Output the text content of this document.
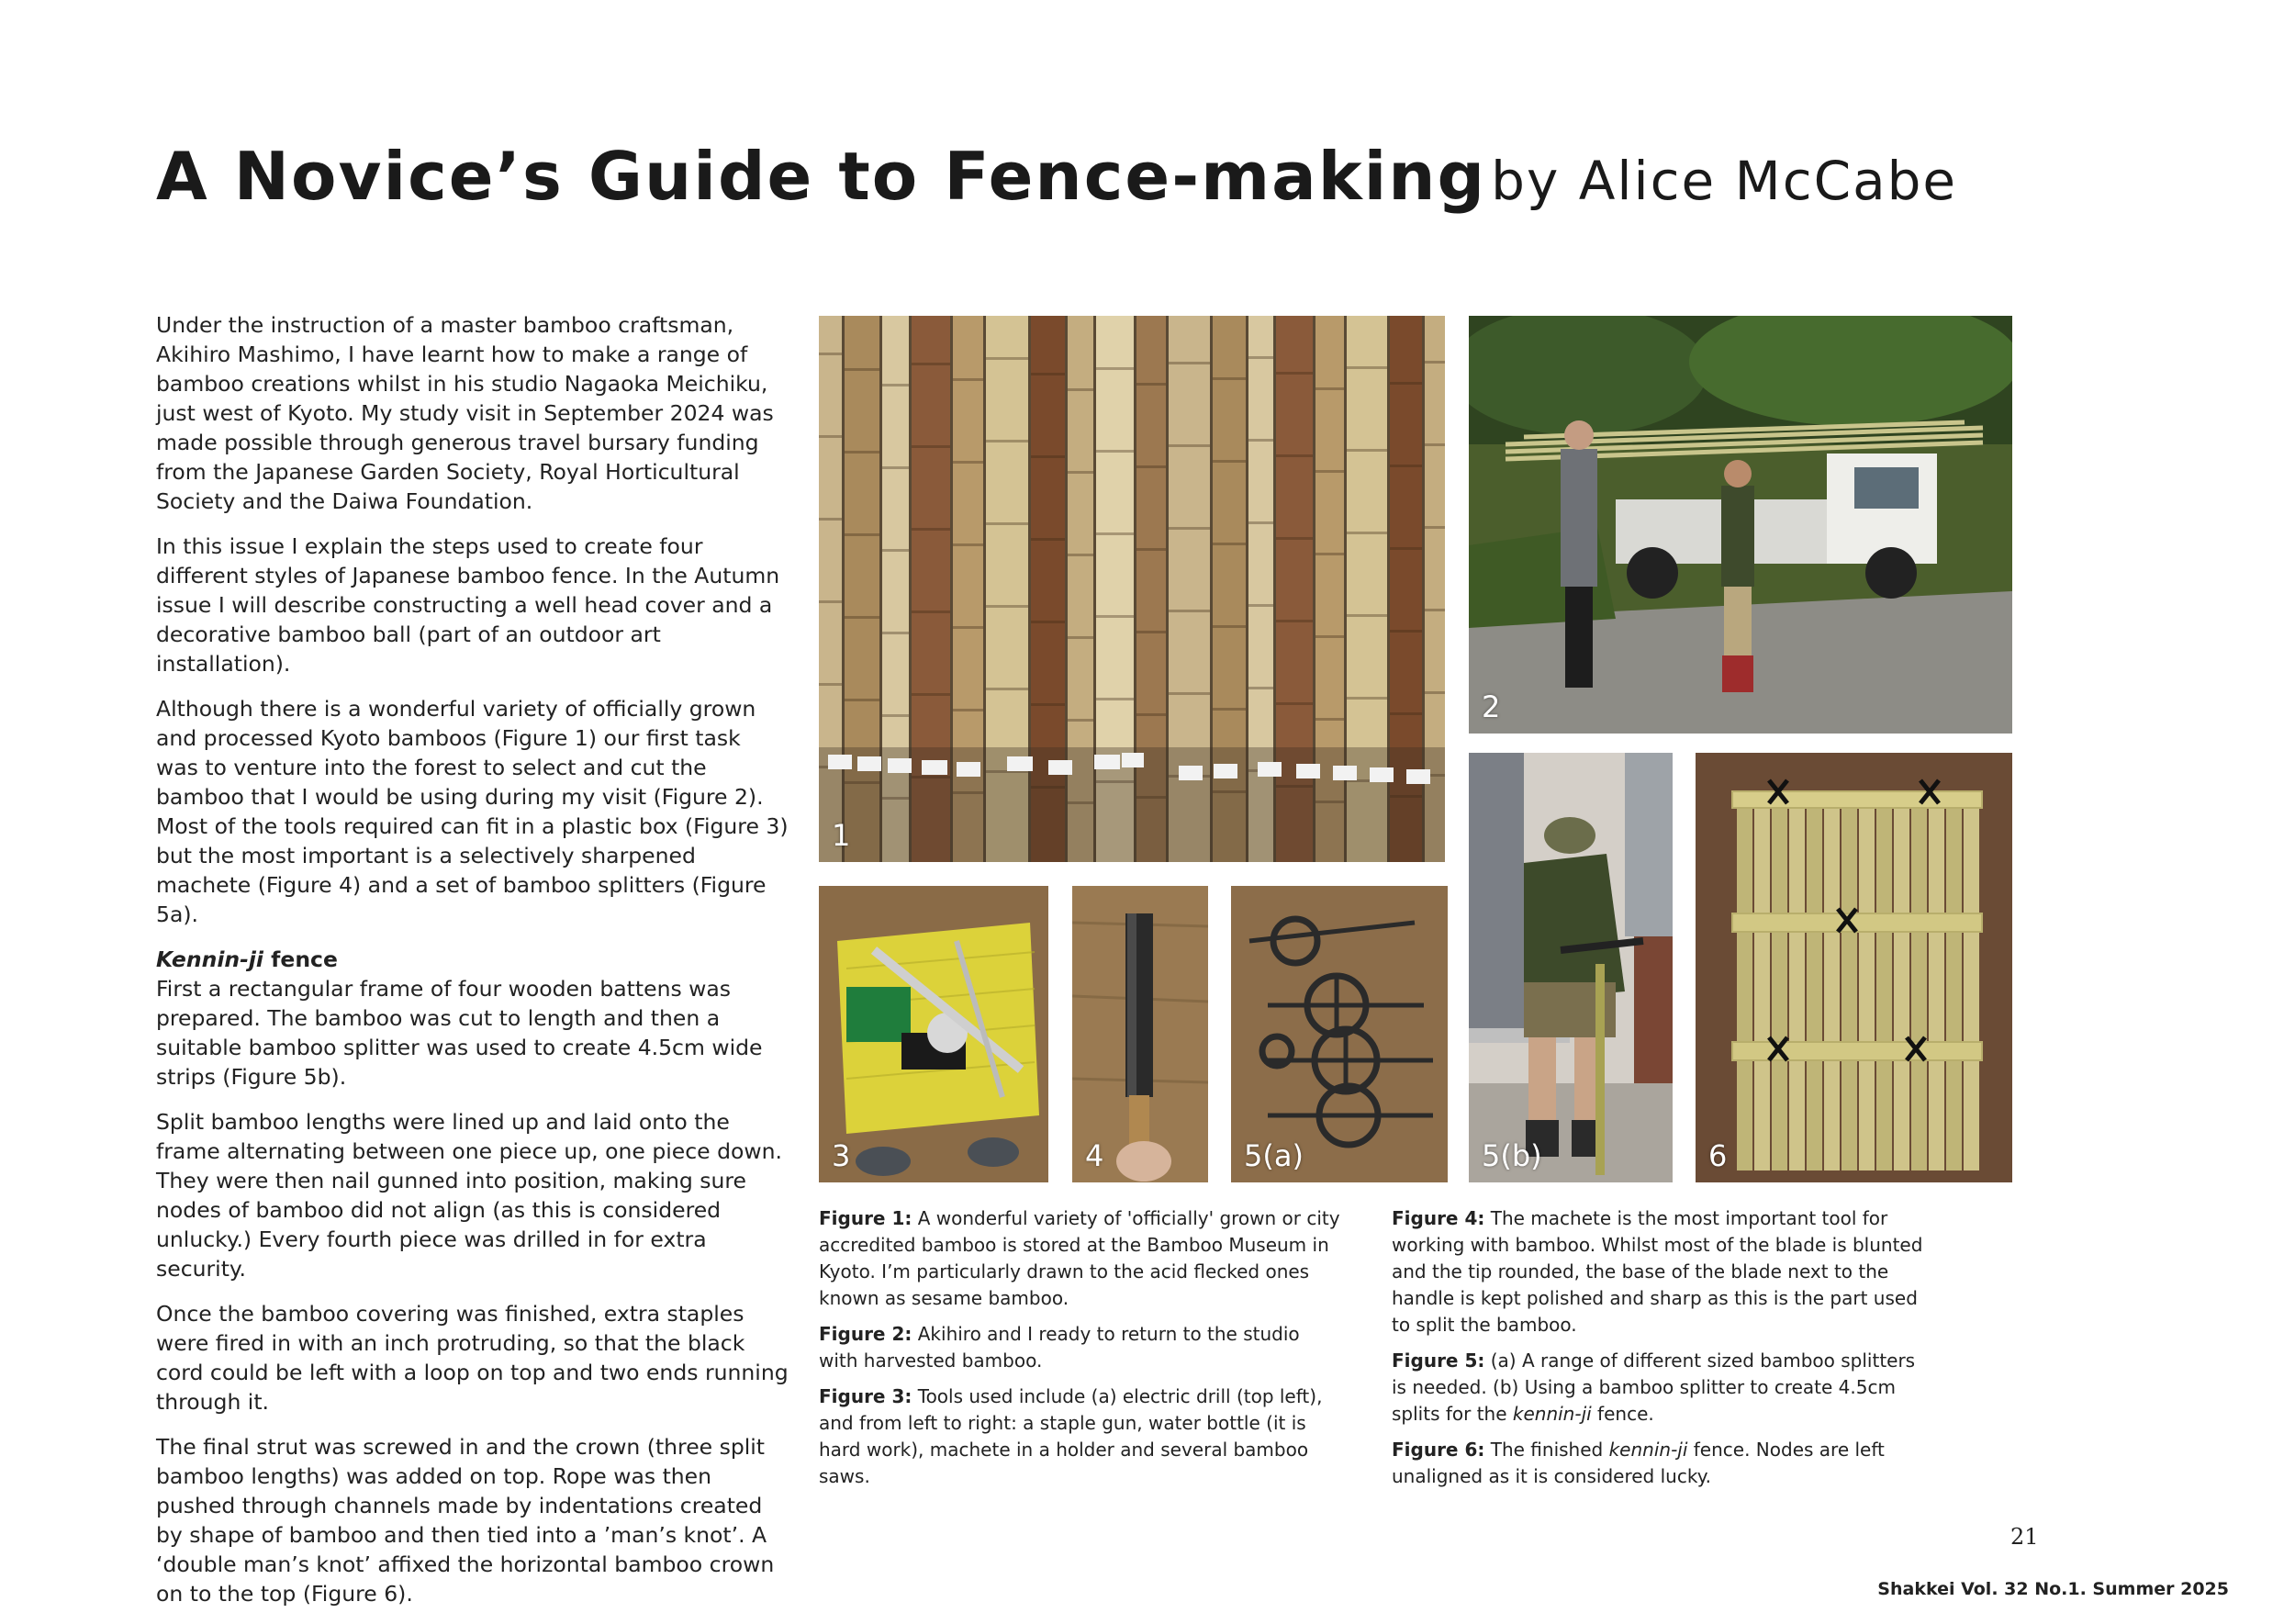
A Novice’s Guide to Fence-making by Alice McCabe

Under the instruction of a master bamboo craftsman, Akihiro Mashimo, I have learnt how to make a range of bamboo creations whilst in his studio Nagaoka Meichiku, just west of Kyoto. My study visit in September 2024 was made possible through generous travel bursary funding from the Japanese Garden Society, Royal Horticultural Society and the Daiwa Foundation.

In this issue I explain the steps used to create four different styles of Japanese bamboo fence. In the Autumn issue I will describe constructing a well head cover and a decorative bamboo ball (part of an outdoor art installation).

Although there is a wonderful variety of officially grown and processed Kyoto bamboos (Figure 1) our first task was to venture into the forest to select and cut the bamboo that I would be using during my visit (Figure 2). Most of the tools required can fit in a plastic box (Figure 3) but the most important is a selectively sharpened machete (Figure 4) and a set of bamboo splitters (Figure 5a).

Kennin-ji fence

First a rectangular frame of four wooden battens was prepared. The bamboo was cut to length and then a suitable bamboo splitter was used to create 4.5cm wide strips (Figure 5b).

Split bamboo lengths were lined up and laid onto the frame alternating between one piece up, one piece down. They were then nail gunned into position, making sure nodes of bamboo did not align (as this is considered unlucky.) Every fourth piece was drilled in for extra security.

Once the bamboo covering was finished, extra staples were fired in with an inch protruding, so that the black cord could be left with a loop on top and two ends running through it.

The final strut was screwed in and the crown (three split bamboo lengths) was added on top. Rope was then pushed through channels made by indentations created by shape of bamboo and then tied into a ’man’s knot’. A ‘double man’s knot’ affixed the horizontal bamboo crown on to the top (Figure 6).

1
2
3	4	5(a)	5(b)	6

Figure 1: A wonderful variety of 'officially' grown or city accredited bamboo is stored at the Bamboo Museum in Kyoto. I’m particularly drawn to the acid flecked ones known as sesame bamboo.

Figure 2: Akihiro and I ready to return to the studio with harvested bamboo.

Figure 3: Tools used include (a) electric drill (top left), and from left to right: a staple gun, water bottle (it is hard work), machete in a holder and several bamboo saws.

Figure 4: The machete is the most important tool for working with bamboo. Whilst most of the blade is blunted and the tip rounded, the base of the blade next to the handle is kept polished and sharp as this is the part used to split the bamboo.

Figure 5: (a) A range of different sized bamboo splitters is needed. (b) Using a bamboo splitter to create 4.5cm splits for the kennin-ji fence.

Figure 6: The finished kennin-ji fence. Nodes are left unaligned as it is considered lucky.

21
Shakkei Vol. 32 No.1. Summer 2025
